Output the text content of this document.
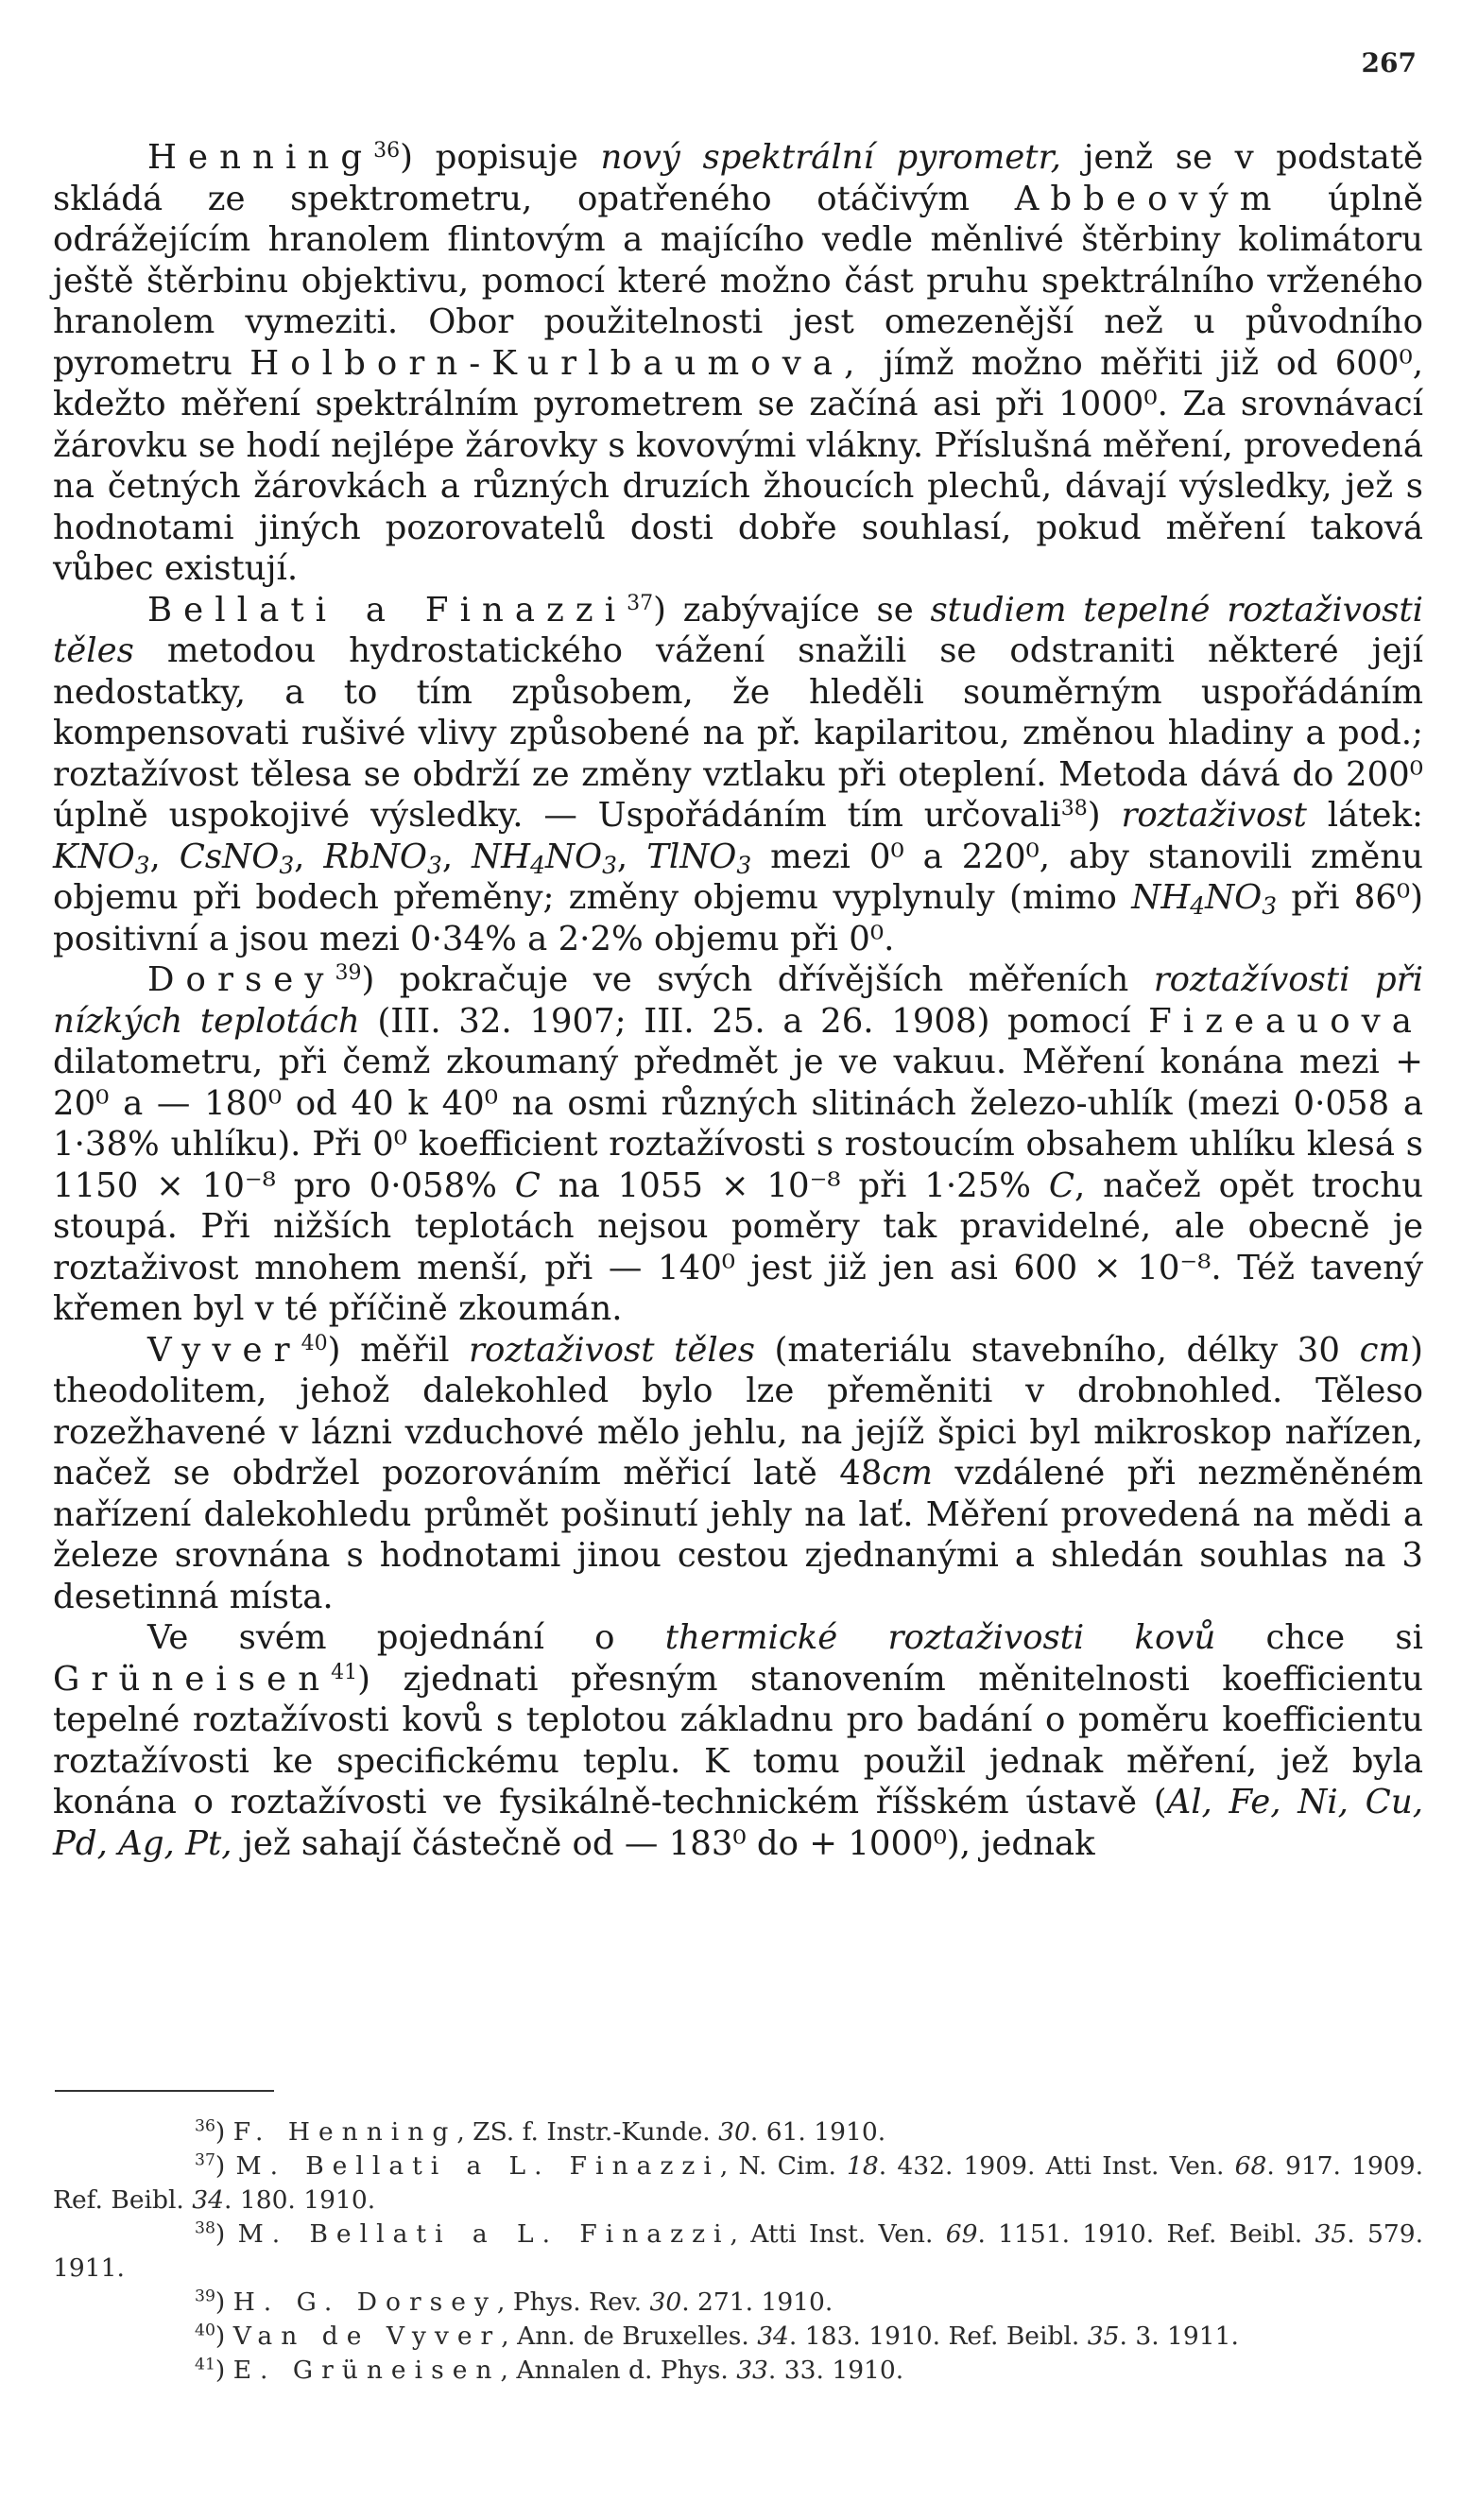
267

Henning$^{36}$) popisuje nový spektrální pyrometr, jenž se v podstatě skládá ze spektrometru, opatřeného otáčivým Abbeovým úplně odrážejícím hranolem flintovým a majícího vedle měnlivé štěrbiny kolimátoru ještě štěrbinu objektivu, pomocí které možno část pruhu spektrálního vrženého hranolem vymeziti. Obor použitelnosti jest omezenější než u původního pyrometru Holborn-Kurlbaumova, jímž možno měřiti již od 600⁰, kdežto měření spektrálním pyrometrem se začíná asi při 1000⁰. Za srovnávací žárovku se hodí nejlépe žárovky s kovovými vlákny. Příslušná měření, provedená na četných žárovkách a různých druzích žhoucích plechů, dávají výsledky, jež s hodnotami jiných pozorovatelů dosti dobře souhlasí, pokud měření taková vůbec existují.

Bellati a Finazzi$^{37}$) zabývajíce se studiem tepelné roztaživosti těles metodou hydrostatického vážení snažili se odstraniti některé její nedostatky, a to tím způsobem, že hleděli souměrným uspořádáním kompensovati rušivé vlivy způsobené na př. kapilaritou, změnou hladiny a pod.; roztažívost tělesa se obdrží ze změny vztlaku při oteplení. Metoda dává do 200⁰ úplně uspokojivé výsledky. — Uspořádáním tím určovali$^{38}$) roztaživost látek: $KNO_3$, CsNO$_3$, RbNO$_3$, $NH_4NO_3$, TlNO$_3$ mezi 0⁰ a 220⁰, aby stanovili změnu objemu při bodech přeměny; změny objemu vyplynuly (mimo $NH_4NO_3$ při 86⁰) positivní a jsou mezi 0·34% a 2·2% objemu při 0⁰.

Dorsey$^{39}$) pokračuje ve svých dřívějších měřeních roztažívosti při nízkých teplotách (III. 32. 1907; III. 25. a 26. 1908) pomocí Fizeauova dilatometru, při čemž zkoumaný předmět je ve vakuu. Měření konána mezi + 20⁰ a — 180⁰ od 40 k 40⁰ na osmi různých slitinách železo-uhlík (mezi 0·058 a 1·38% uhlíku). Při 0⁰ koefficient roztažívosti s rostoucím obsahem uhlíku klesá s 1150 × 10⁻⁸ pro 0·058% C na 1055 × 10⁻⁸ při 1·25% C, načež opět trochu stoupá. Při nižších teplotách nejsou poměry tak pravidelné, ale obecně je roztaživost mnohem menší, při — 140⁰ jest již jen asi 600 × 10⁻⁸. Též tavený křemen byl v té příčině zkoumán.

Vyver$^{40}$) měřil roztaživost těles (materiálu stavebního, délky 30 cm) theodolitem, jehož dalekohled bylo lze přeměniti v drobnohled. Těleso rozežhavené v lázni vzduchové mělo jehlu, na jejíž špici byl mikroskop nařízen, načež se obdržel pozorováním měřicí latě 48cm vzdálené při nezměněném nařízení dalekohledu průmět pošinutí jehly na lať. Měření provedená na mědi a železe srovnána s hodnotami jinou cestou zjednanými a shledán souhlas na 3 desetinná místa.

Ve svém pojednání o thermické roztaživosti kovů chce si Grüneisen$^{41}$) zjednati přesným stanovením měnitelnosti koefficientu tepelné roztažívosti kovů s teplotou základnu pro badání o poměru koefficientu roztažívosti ke specifickému teplu. K tomu použil jednak měření, jež byla konána o roztažívosti ve fysikálně-technickém říšském ústavě (Al, Fe, Ni, Cu, Pd, Ag, Pt, jež sahají částečně od — 183⁰ do + 1000⁰), jednak

$^{36}$) F. Henning, ZS. f. Instr.-Kunde. 30. 61. 1910.

$^{37}$) M. Bellati a L. Finazzi, N. Cim. 18. 432. 1909. Atti Inst. Ven. 68. 917. 1909. Ref. Beibl. 34. 180. 1910.

$^{38}$) M. Bellati a L. Finazzi, Atti Inst. Ven. 69. 1151. 1910. Ref. Beibl. 35. 579. 1911.

$^{39}$) H. G. Dorsey, Phys. Rev. 30. 271. 1910.

$^{40}$) Van de Vyver, Ann. de Bruxelles. 34. 183. 1910. Ref. Beibl. 35. 3. 1911.

$^{41}$) E. Grüneisen, Annalen d. Phys. 33. 33. 1910.
